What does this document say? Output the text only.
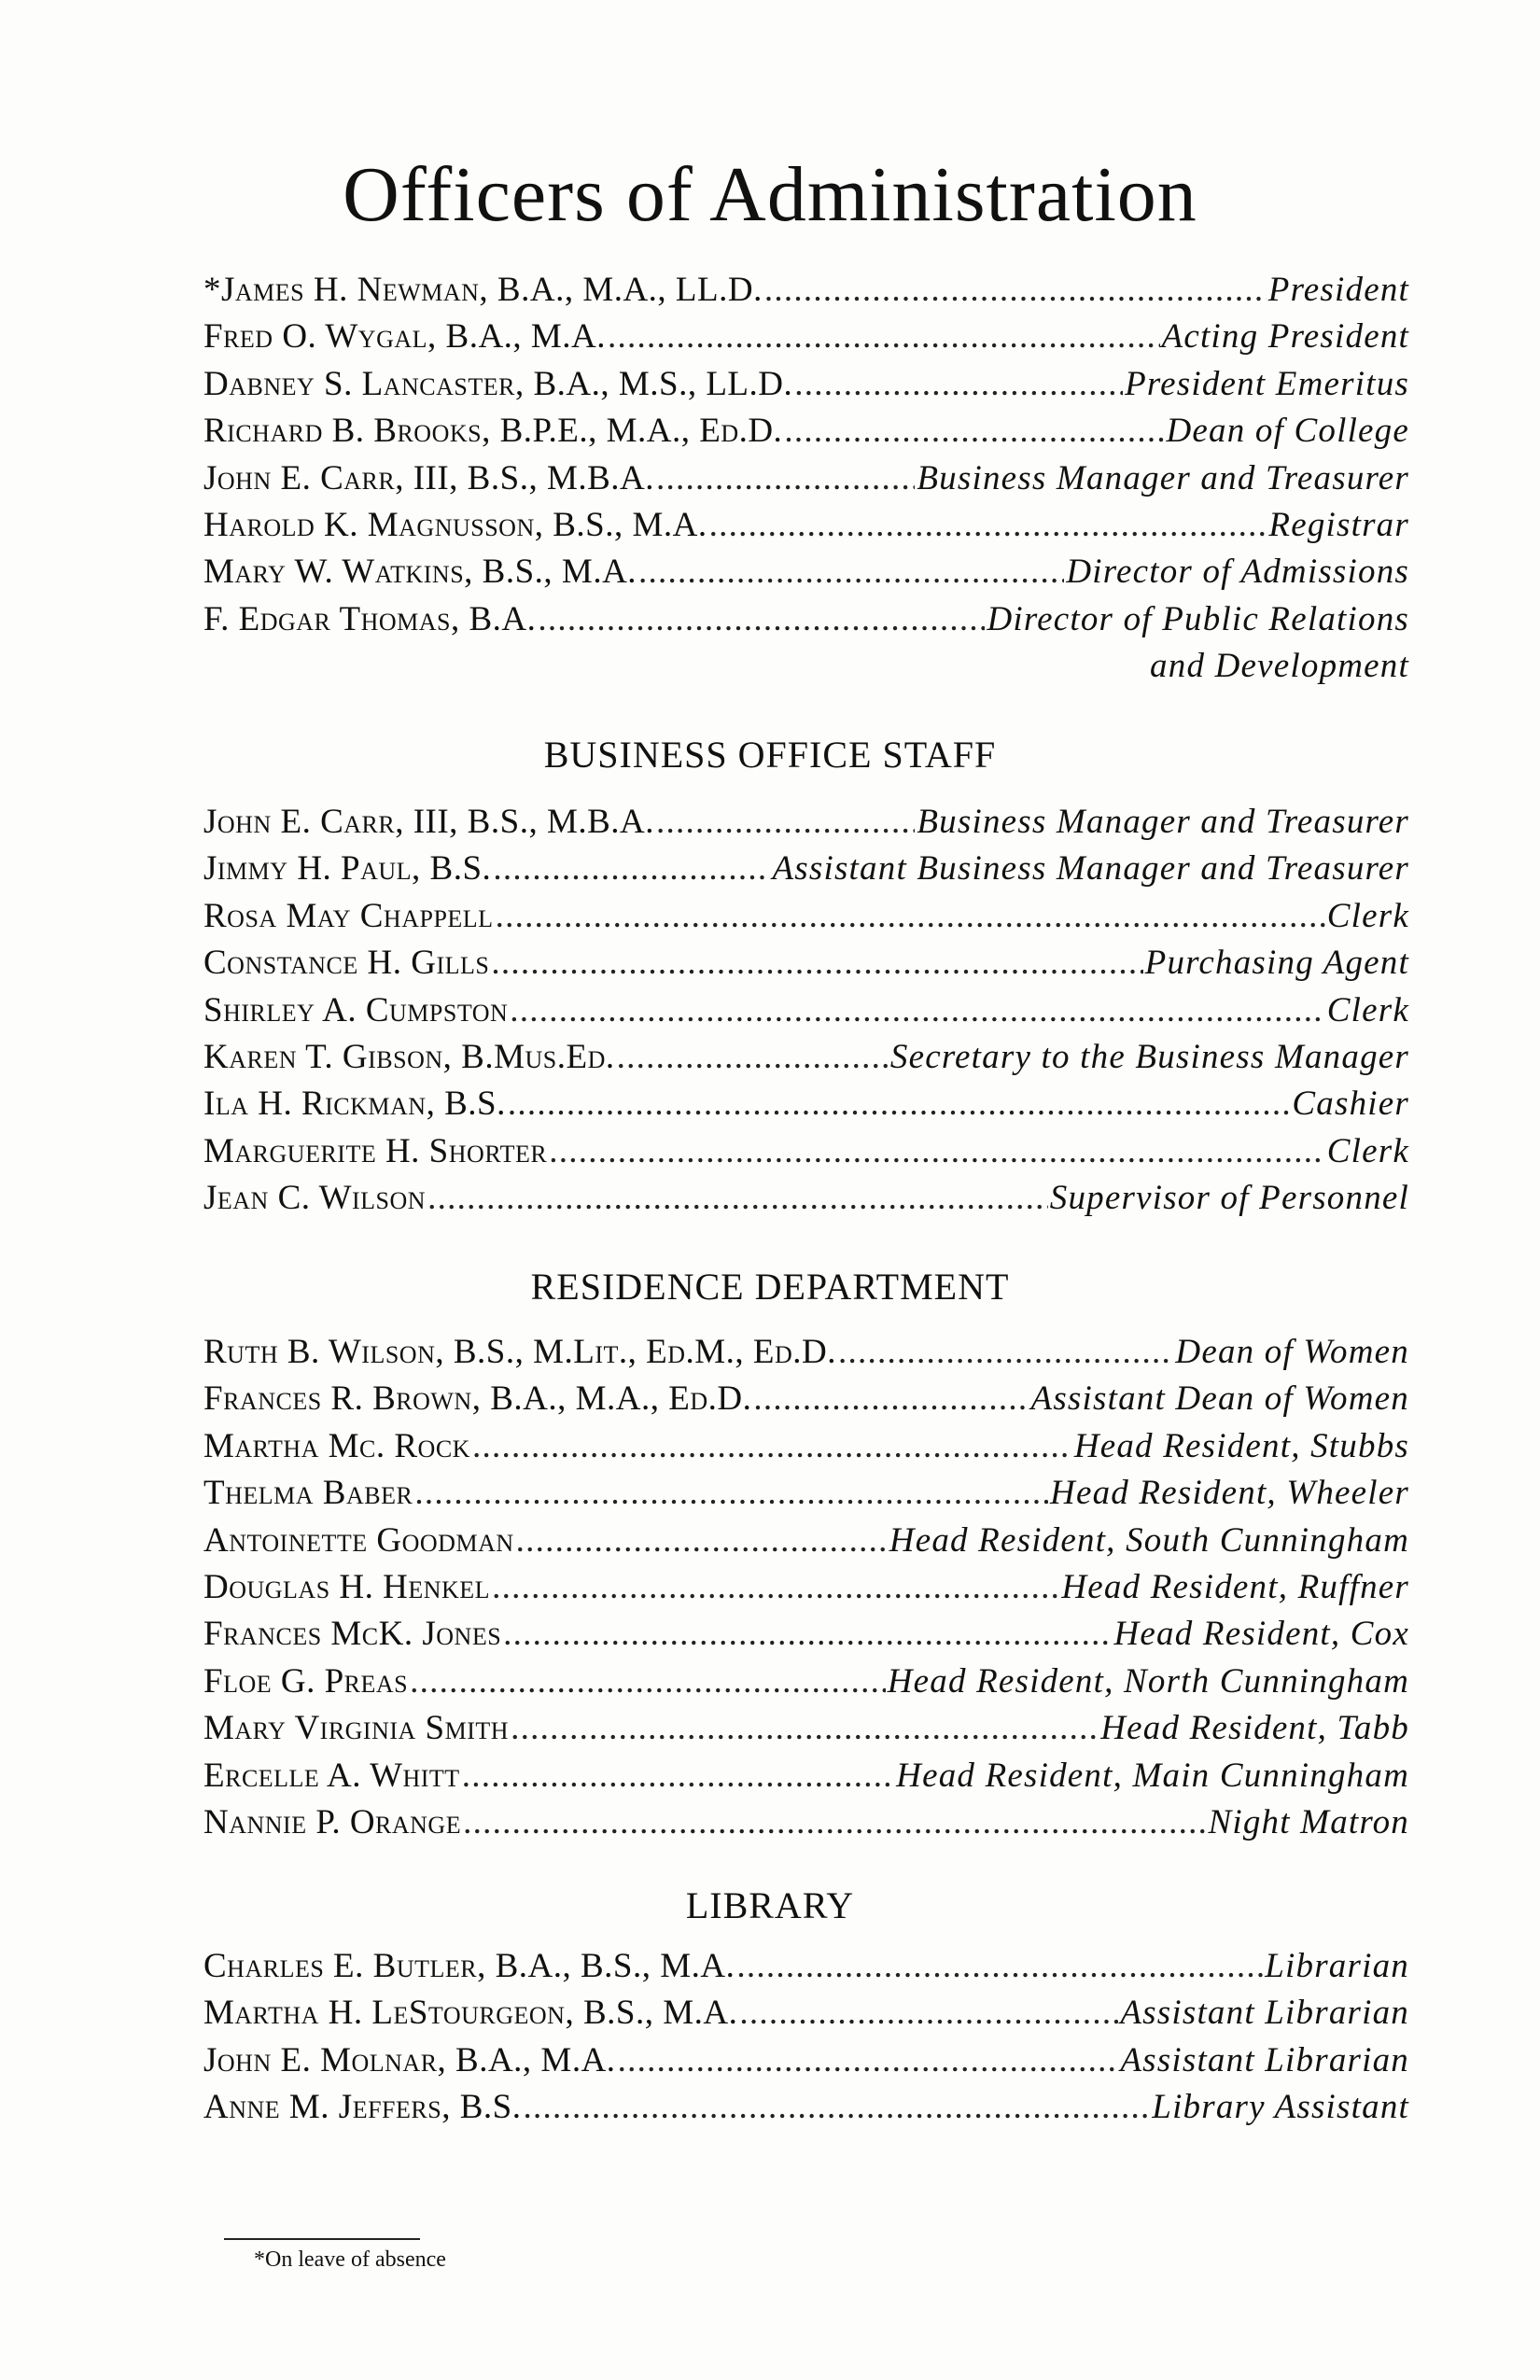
Officers of Administration
*James H. Newman, B.A., M.A., LL.D. . . .	President
Fred O. Wygal, B.A., M.A. . . .	Acting President
Dabney S. Lancaster, B.A., M.S., LL.D. . . .	President Emeritus
Richard B. Brooks, B.P.E., M.A., Ed.D. . . .	Dean of College
John E. Carr, III, B.S., M.B.A. . . .	Business Manager and Treasurer
Harold K. Magnusson, B.S., M.A. . . .	Registrar
Mary W. Watkins, B.S., M.A. . . .	Director of Admissions
F. Edgar Thomas, B.A. . . .	Director of Public Relations
and Development
BUSINESS OFFICE STAFF
John E. Carr, III, B.S., M.B.A. . . .	Business Manager and Treasurer
Jimmy H. Paul, B.S. . . .	Assistant Business Manager and Treasurer
Rosa May Chappell . . .	Clerk
Constance H. Gills . . .	Purchasing Agent
Shirley A. Cumpston . . .	Clerk
Karen T. Gibson, B.Mus.Ed. . . .	Secretary to the Business Manager
Ila H. Rickman, B.S. . . .	Cashier
Marguerite H. Shorter . . .	Clerk
Jean C. Wilson . . .	Supervisor of Personnel
RESIDENCE DEPARTMENT
Ruth B. Wilson, B.S., M.Lit., Ed.M., Ed.D. . . .	Dean of Women
Frances R. Brown, B.A., M.A., Ed.D. . . .	Assistant Dean of Women
Martha Mc. Rock . . .	Head Resident, Stubbs
Thelma Baber . . .	Head Resident, Wheeler
Antoinette Goodman . . .	Head Resident, South Cunningham
Douglas H. Henkel . . .	Head Resident, Ruffner
Frances McK. Jones . . .	Head Resident, Cox
Floe G. Preas . . .	Head Resident, North Cunningham
Mary Virginia Smith . . .	Head Resident, Tabb
Ercelle A. Whitt . . .	Head Resident, Main Cunningham
Nannie P. Orange . . .	Night Matron
LIBRARY
Charles E. Butler, B.A., B.S., M.A. . . .	Librarian
Martha H. LeStourgeon, B.S., M.A. . . .	Assistant Librarian
John E. Molnar, B.A., M.A. . . .	Assistant Librarian
Anne M. Jeffers, B.S. . . .	Library Assistant
*On leave of absence
